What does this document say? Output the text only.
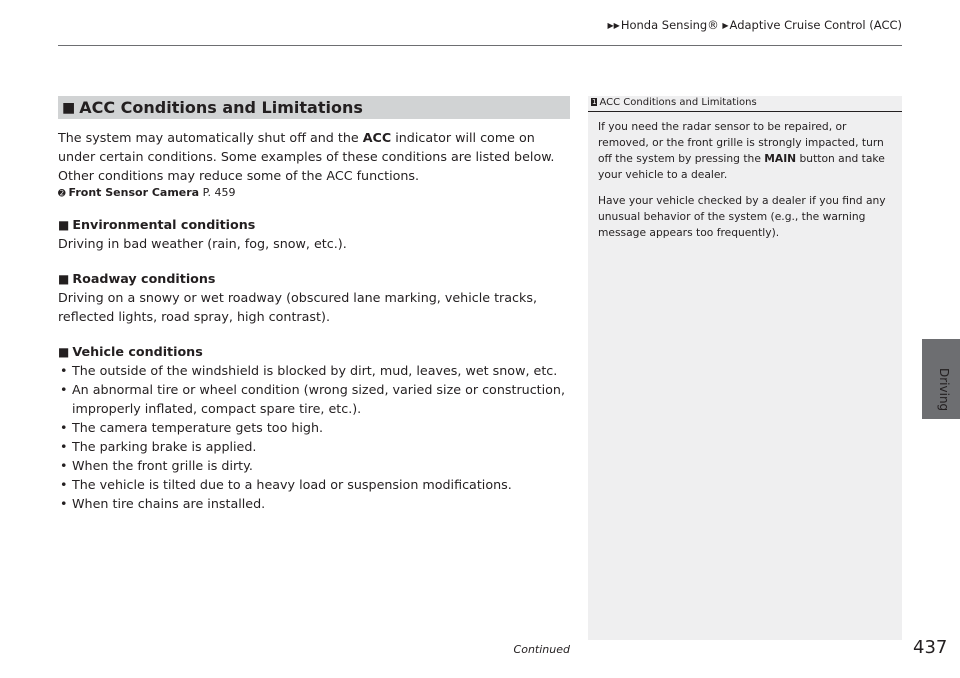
▶▶Honda Sensing® ▶Adaptive Cruise Control (ACC)
Driving
■ ACC Conditions and Limitations
The system may automatically shut off and the ACC indicator will come on under certain conditions. Some examples of these conditions are listed below. Other conditions may reduce some of the ACC functions.
➋ Front Sensor Camera P. 459
■ Environmental conditions
Driving in bad weather (rain, fog, snow, etc.).
■ Roadway conditions
Driving on a snowy or wet roadway (obscured lane marking, vehicle tracks, reflected lights, road spray, high contrast).
■ Vehicle conditions
• The outside of the windshield is blocked by dirt, mud, leaves, wet snow, etc.
• An abnormal tire or wheel condition (wrong sized, varied size or construction, improperly inflated, compact spare tire, etc.).
• The camera temperature gets too high.
• The parking brake is applied.
• When the front grille is dirty.
• The vehicle is tilted due to a heavy load or suspension modifications.
• When tire chains are installed.
1 ACC Conditions and Limitations

If you need the radar sensor to be repaired, or removed, or the front grille is strongly impacted, turn off the system by pressing the MAIN button and take your vehicle to a dealer.

Have your vehicle checked by a dealer if you find any unusual behavior of the system (e.g., the warning message appears too frequently).

Continued	437
